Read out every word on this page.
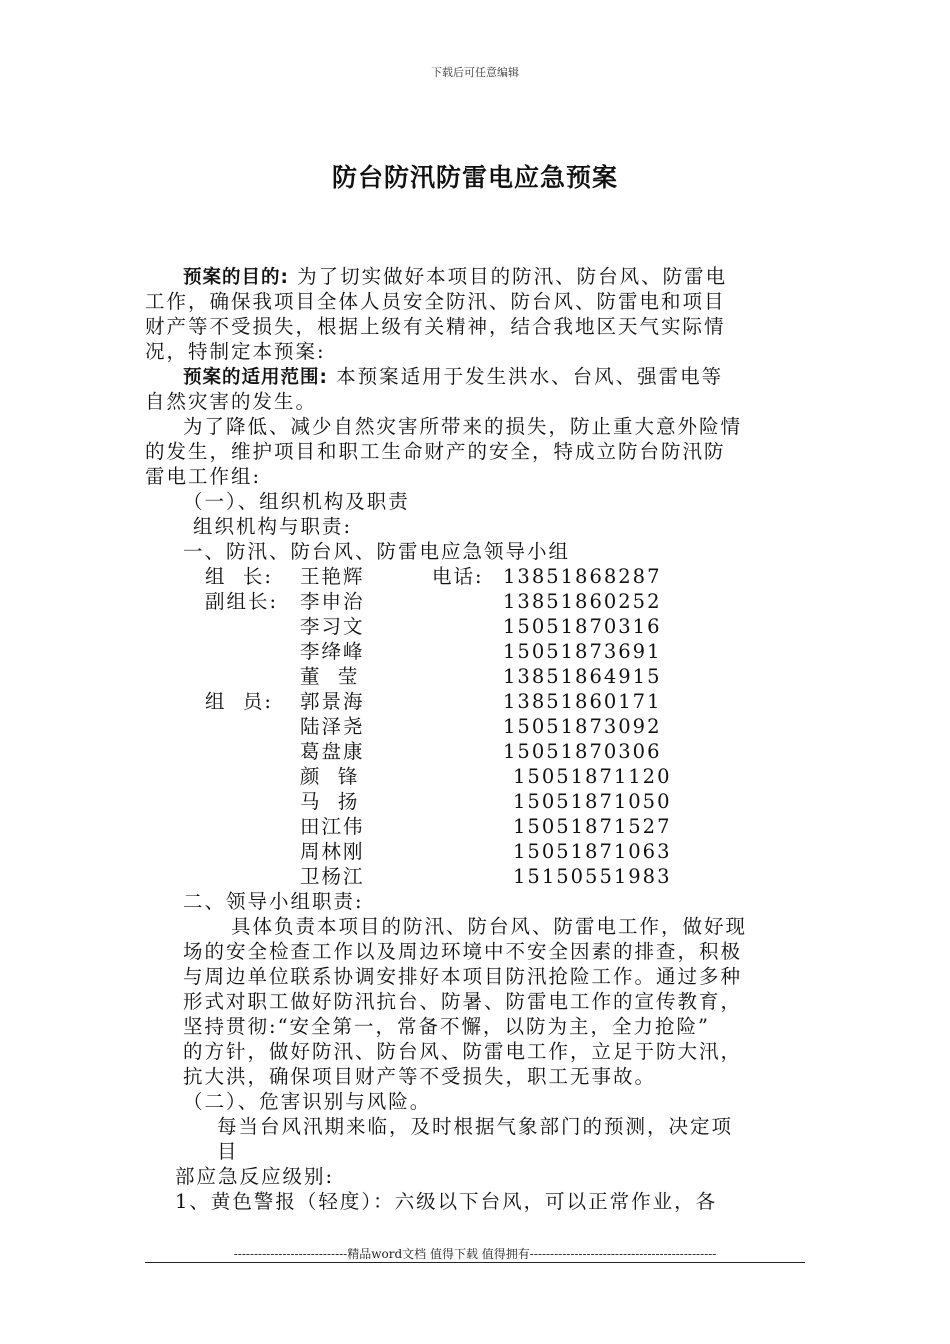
下载后可任意编辑
防台防汛防雷电应急预案
预案的目的: 为了切实做好本项目的防汛、防台风、防雷电
工作，确保我项目全体人员安全防汛、防台风、防雷电和项目
财产等不受损失，根据上级有关精神，结合我地区天气实际情
况，特制定本预案:
预案的适用范围: 本预案适用于发生洪水、台风、强雷电等
自然灾害的发生。
为了降低、减少自然灾害所带来的损失，防止重大意外险情
的发生，维护项目和职工生命财产的安全，特成立防台防汛防
雷电工作组:
（一）、组织机构及职责
组织机构与职责:
一、防汛、防台风、防雷电应急领导小组
组  长: 王艳辉	电话: 13851868287
副组长: 李申治	13851860252
李习文	15051870316
李绛峰	15051873691
董  莹	13851864915
组  员: 郭景海	13851860171
陆泽尧	15051873092
葛盘康	15051870306
颜  锋	15051871120
马  扬	15051871050
田江伟	15051871527
周林刚	15051871063
卫杨江	15150551983
二、领导小组职责:
具体负责本项目的防汛、防台风、防雷电工作，做好现
场的安全检查工作以及周边环境中不安全因素的排查，积极
与周边单位联系协调安排好本项目防汛抢险工作。通过多种
形式对职工做好防汛抗台、防暑、防雷电工作的宣传教育，
坚持贯彻:“安全第一，常备不懈，以防为主，全力抢险”
的方针，做好防汛、防台风、防雷电工作，立足于防大汛，
抗大洪，确保项目财产等不受损失，职工无事故。
（二）、危害识别与风险。
每当台风汛期来临，及时根据气象部门的预测，决定项
目
部应急反应级别:
1、黄色警报（轻度）：六级以下台风，可以正常作业，各
----------------------------精品word文档 值得下载 值得拥有----------------------------------------------
